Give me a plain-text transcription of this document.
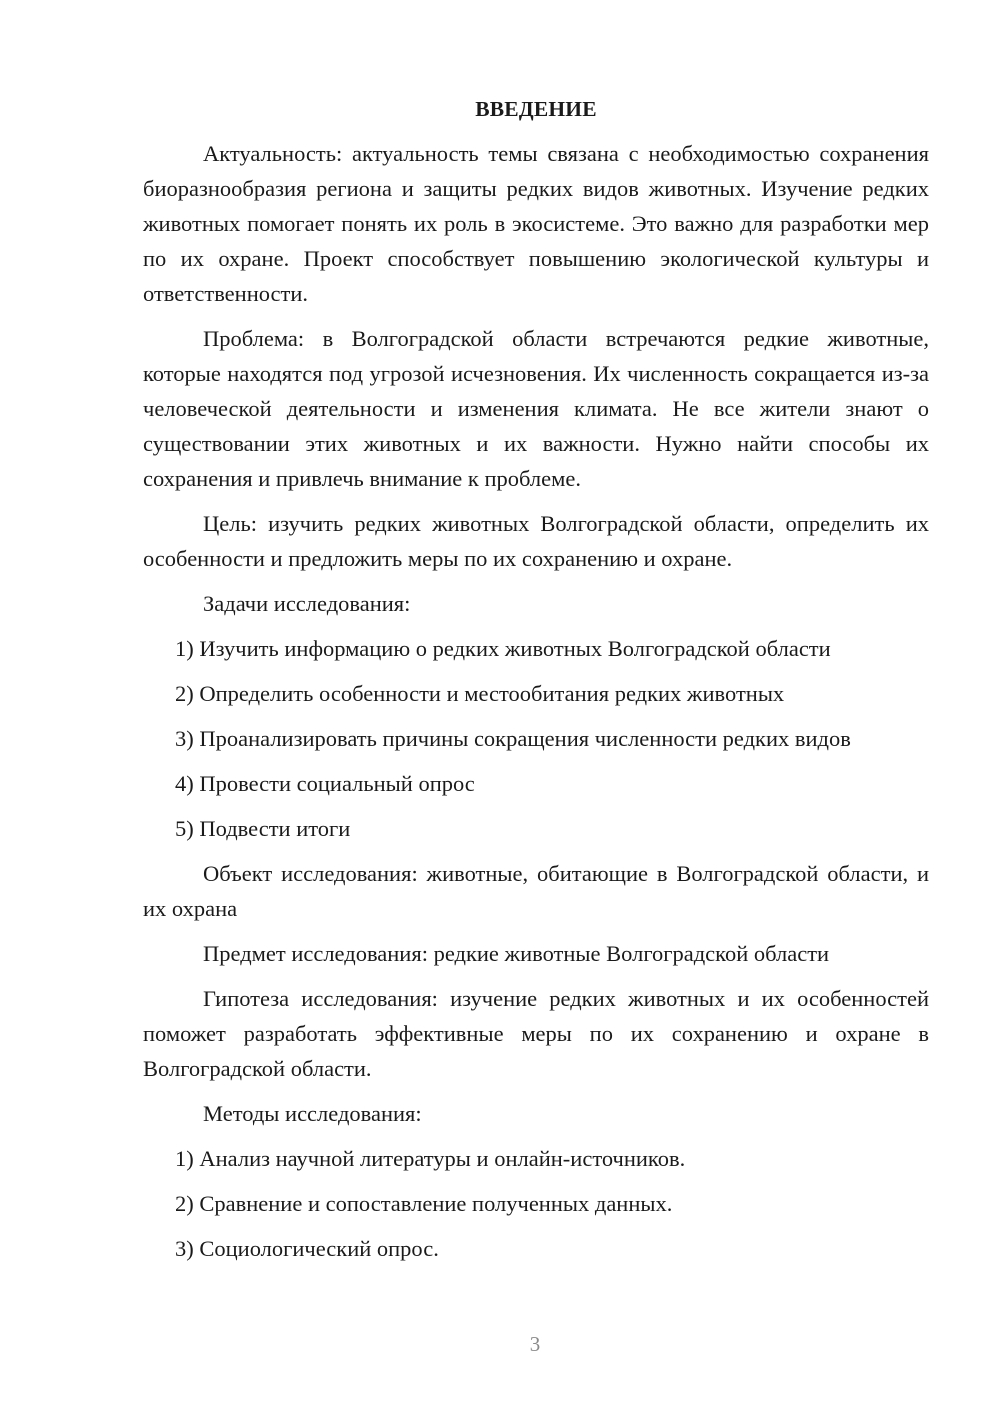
ВВЕДЕНИЕ

Актуальность: актуальность темы связана с необходимостью сохранения биоразнообразия региона и защиты редких видов животных. Изучение редких животных помогает понять их роль в экосистеме. Это важно для разработки мер по их охране. Проект способствует повышению экологической культуры и ответственности.

Проблема: в Волгоградской области встречаются редкие животные, которые находятся под угрозой исчезновения. Их численность сокращается из-за человеческой деятельности и изменения климата. Не все жители знают о существовании этих животных и их важности. Нужно найти способы их сохранения и привлечь внимание к проблеме.

Цель: изучить редких животных Волгоградской области, определить их особенности и предложить меры по их сохранению и охране.

Задачи исследования:

1) Изучить информацию о редких животных Волгоградской области
2) Определить особенности и местообитания редких животных
3) Проанализировать причины сокращения численности редких видов
4) Провести социальный опрос
5) Подвести итоги

Объект исследования: животные, обитающие в Волгоградской области, и их охрана

Предмет исследования: редкие животные Волгоградской области

Гипотеза исследования: изучение редких животных и их особенностей поможет разработать эффективные меры по их сохранению и охране в Волгоградской области.

Методы исследования:

1) Анализ научной литературы и онлайн-источников.
2) Сравнение и сопоставление полученных данных.
3) Социологический опрос.
3
